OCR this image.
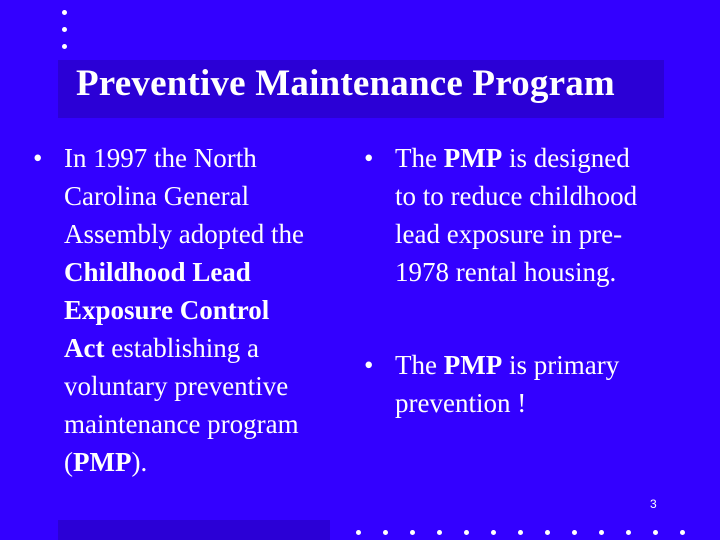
Preventive Maintenance Program
• In 1997 the North
Carolina General
Assembly adopted the
Childhood Lead
Exposure Control
Act establishing a
voluntary preventive
maintenance program
(PMP).
• The PMP is designed
to to reduce childhood
lead exposure in pre-
1978 rental housing.
• The PMP is primary
prevention !
3
